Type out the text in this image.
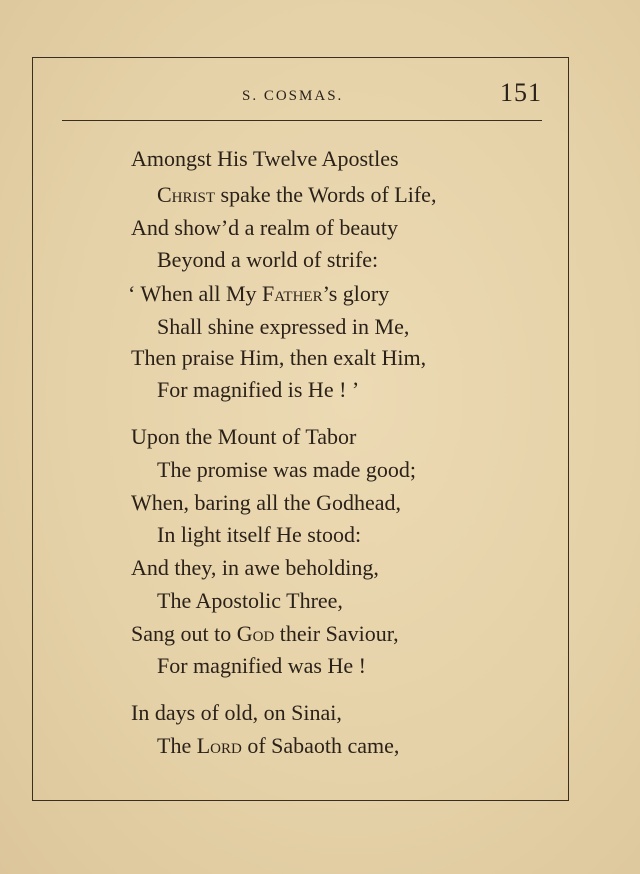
S. COSMAS.	151
Amongst His Twelve Apostles
Christ spake the Words of Life,
And show’d a realm of beauty
Beyond a world of strife:
‘ When all My Father’s glory
Shall shine expressed in Me,
Then praise Him, then exalt Him,
For magnified is He ! ’
Upon the Mount of Tabor
The promise was made good;
When, baring all the Godhead,
In light itself He stood:
And they, in awe beholding,
The Apostolic Three,
Sang out to God their Saviour,
For magnified was He !
In days of old, on Sinai,
The Lord of Sabaoth came,
